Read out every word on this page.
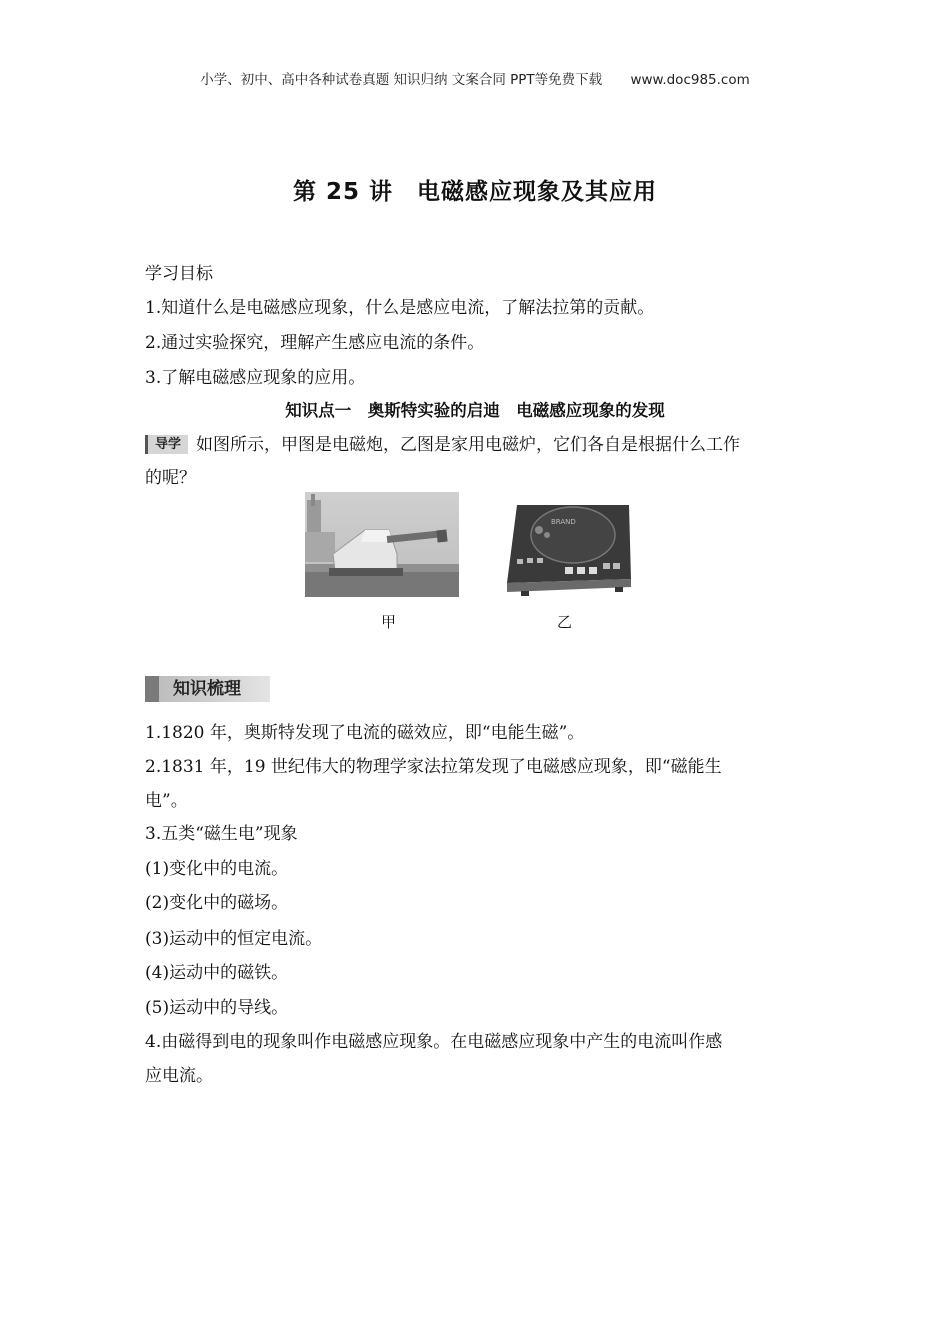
小学、初中、高中各种试卷真题 知识归纳 文案合同 PPT等免费下载 www.doc985.com
第 25 讲　电磁感应现象及其应用
学习目标
1.知道什么是电磁感应现象，什么是感应电流，了解法拉第的贡献。
2.通过实验探究，理解产生感应电流的条件。
3.了解电磁感应现象的应用。
知识点一　奥斯特实验的启迪　电磁感应现象的发现
导学 如图所示，甲图是电磁炮，乙图是家用电磁炉，它们各自是根据什么工作
的呢？
BRAND
甲	乙
知识梳理
1.1820 年，奥斯特发现了电流的磁效应，即“电能生磁”。
2.1831 年，19 世纪伟大的物理学家法拉第发现了电磁感应现象，即“磁能生
电”。
3.五类“磁生电”现象
(1)变化中的电流。
(2)变化中的磁场。
(3)运动中的恒定电流。
(4)运动中的磁铁。
(5)运动中的导线。
4.由磁得到电的现象叫作电磁感应现象。在电磁感应现象中产生的电流叫作感
应电流。
